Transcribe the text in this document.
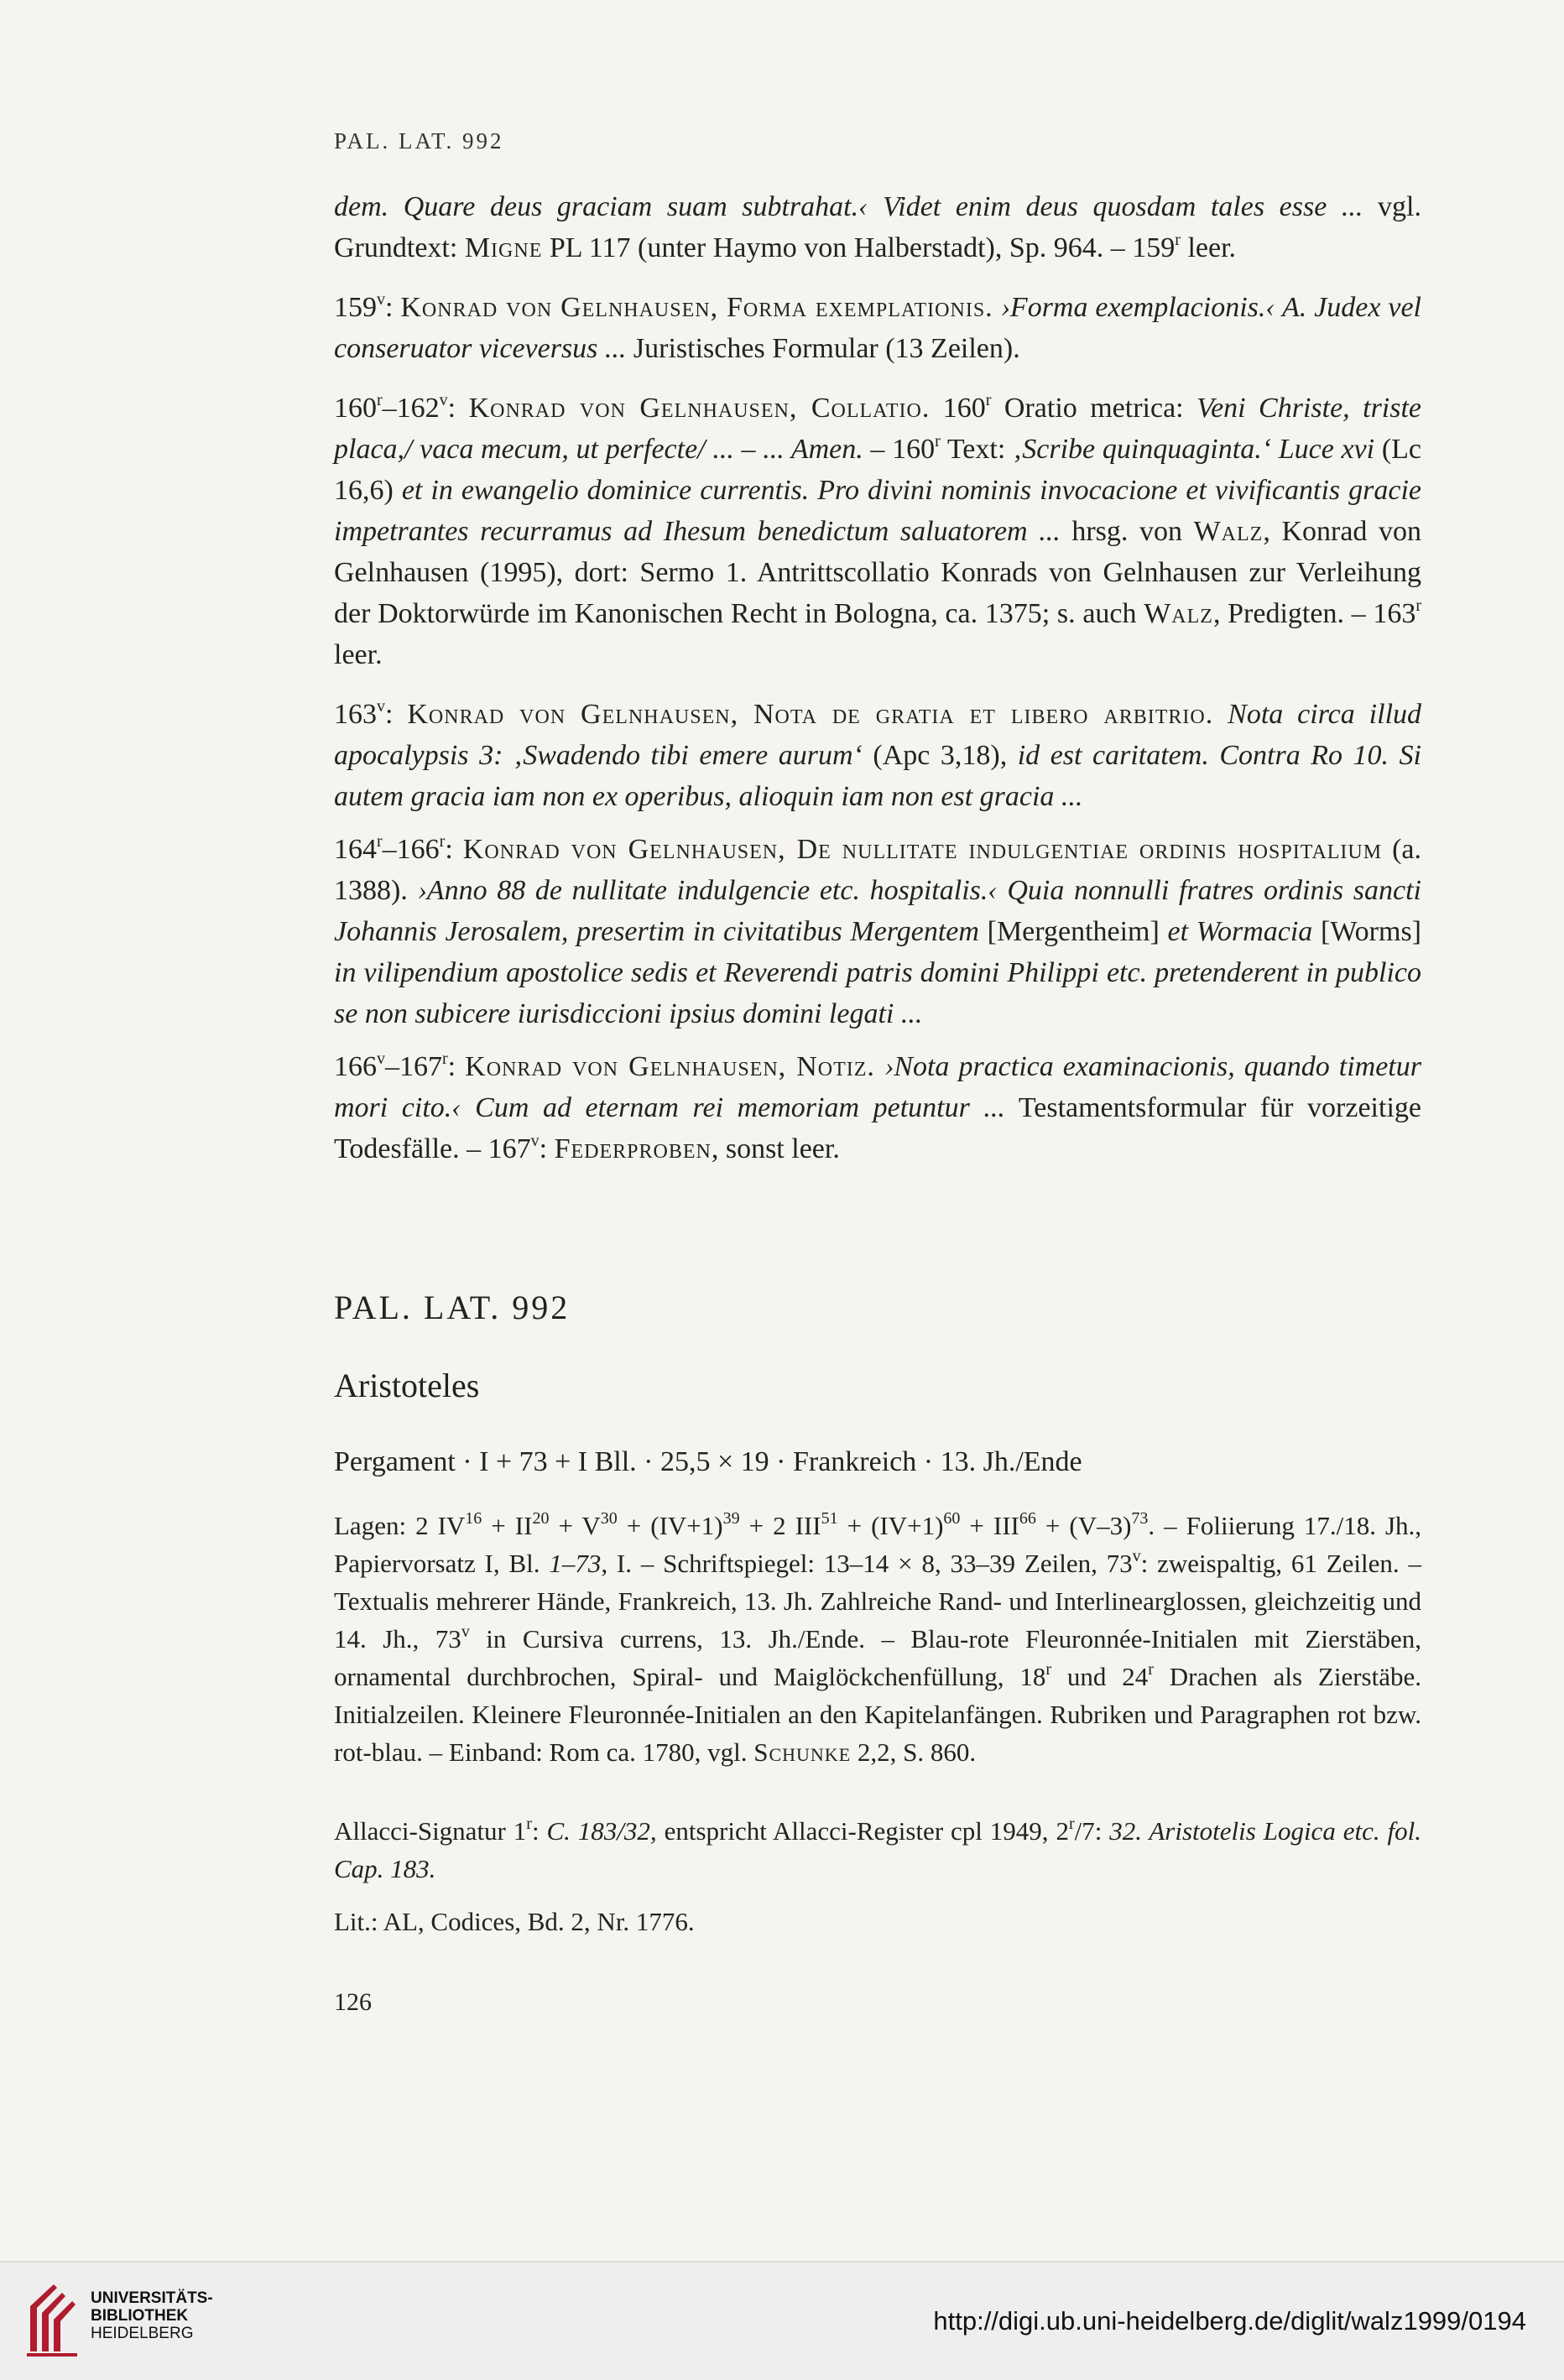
PAL. LAT. 992

dem. Quare deus graciam suam subtrahat.‹ Videt enim deus quosdam tales esse ... vgl. Grundtext: Migne PL 117 (unter Haymo von Halberstadt), Sp. 964. – 159$^r$ leer.

159$^v$: Konrad von Gelnhausen, Forma exemplationis. ›Forma exemplacionis.‹ A. Judex vel conseruator viceversus ... Juristisches Formular (13 Zeilen).

160$^r$–162$^v$: Konrad von Gelnhausen, Collatio. 160$^r$ Oratio metrica: Veni Christe, triste placa,/ vaca mecum, ut perfecte/ ... – ... Amen. – 160$^r$ Text: ‚Scribe quinquaginta.‘ Luce xvi (Lc 16,6) et in ewangelio dominice currentis. Pro divini nominis invocacione et vivificantis gracie impetrantes recurramus ad Ihesum benedictum saluatorem ... hrsg. von Walz, Konrad von Gelnhausen (1995), dort: Sermo 1. Antrittscollatio Konrads von Gelnhausen zur Verleihung der Doktorwürde im Kanonischen Recht in Bologna, ca. 1375; s. auch Walz, Predigten. – 163$^r$ leer.

163$^v$: Konrad von Gelnhausen, Nota de gratia et libero arbitrio. Nota circa illud apocalypsis 3: ‚Swadendo tibi emere aurum‘ (Apc 3,18), id est caritatem. Contra Ro 10. Si autem gracia iam non ex operibus, alioquin iam non est gracia ...

164$^r$–166$^r$: Konrad von Gelnhausen, De nullitate indulgentiae ordinis hospitalium (a. 1388). ›Anno 88 de nullitate indulgencie etc. hospitalis.‹ Quia nonnulli fratres ordinis sancti Johannis Jerosalem, presertim in civitatibus Mergentem [Mergentheim] et Wormacia [Worms] in vilipendium apostolice sedis et Reverendi patris domini Philippi etc. pretenderent in publico se non subicere iurisdiccioni ipsius domini legati ...

166$^v$–167$^r$: Konrad von Gelnhausen, Notiz. ›Nota practica examinacionis, quando timetur mori cito.‹ Cum ad eternam rei memoriam petuntur ... Testamentsformular für vorzeitige Todesfälle. – 167$^v$: Federproben, sonst leer.

PAL. LAT. 992
Aristoteles
Pergament · I + 73 + I Bll. · 25,5 × 19 · Frankreich · 13. Jh./Ende
Lagen: 2 $IV^{16} + II^{20} + V^{30} + (IV+1)^{39} + 2$ $III^{51} + (IV+1)^{60} + III^{66} + (V-3)^{73}$. – Foliierung 17./18. Jh., Papiervorsatz I, Bl. 1–73, I. – Schriftspiegel: 13–14 × 8, 33–39 Zeilen, 73$^v$: zweispaltig, 61 Zeilen. – Textualis mehrerer Hände, Frankreich, 13. Jh. Zahlreiche Rand- und Interlinearglossen, gleichzeitig und 14. Jh., 73$^v$ in Cursiva currens, 13. Jh./Ende. – Blau-rote Fleuronnée-Initialen mit Zierstäben, ornamental durchbrochen, Spiral- und Maiglöckchenfüllung, 18$^r$ und 24$^r$ Drachen als Zierstäbe. Initialzeilen. Kleinere Fleuronnée-Initialen an den Kapitelanfängen. Rubriken und Paragraphen rot bzw. rot-blau. – Einband: Rom ca. 1780, vgl. Schunke 2,2, S. 860.
Allacci-Signatur 1$^r$: C. 183/32, entspricht Allacci-Register cpl 1949, 2$^r$/7: 32. Aristotelis Logica etc. fol. Cap. 183.
Lit.: AL, Codices, Bd. 2, Nr. 1776.
126
UNIVERSITÄTS-
BIBLIOTHEK
HEIDELBERG	http://digi.ub.uni-heidelberg.de/diglit/walz1999/0194
